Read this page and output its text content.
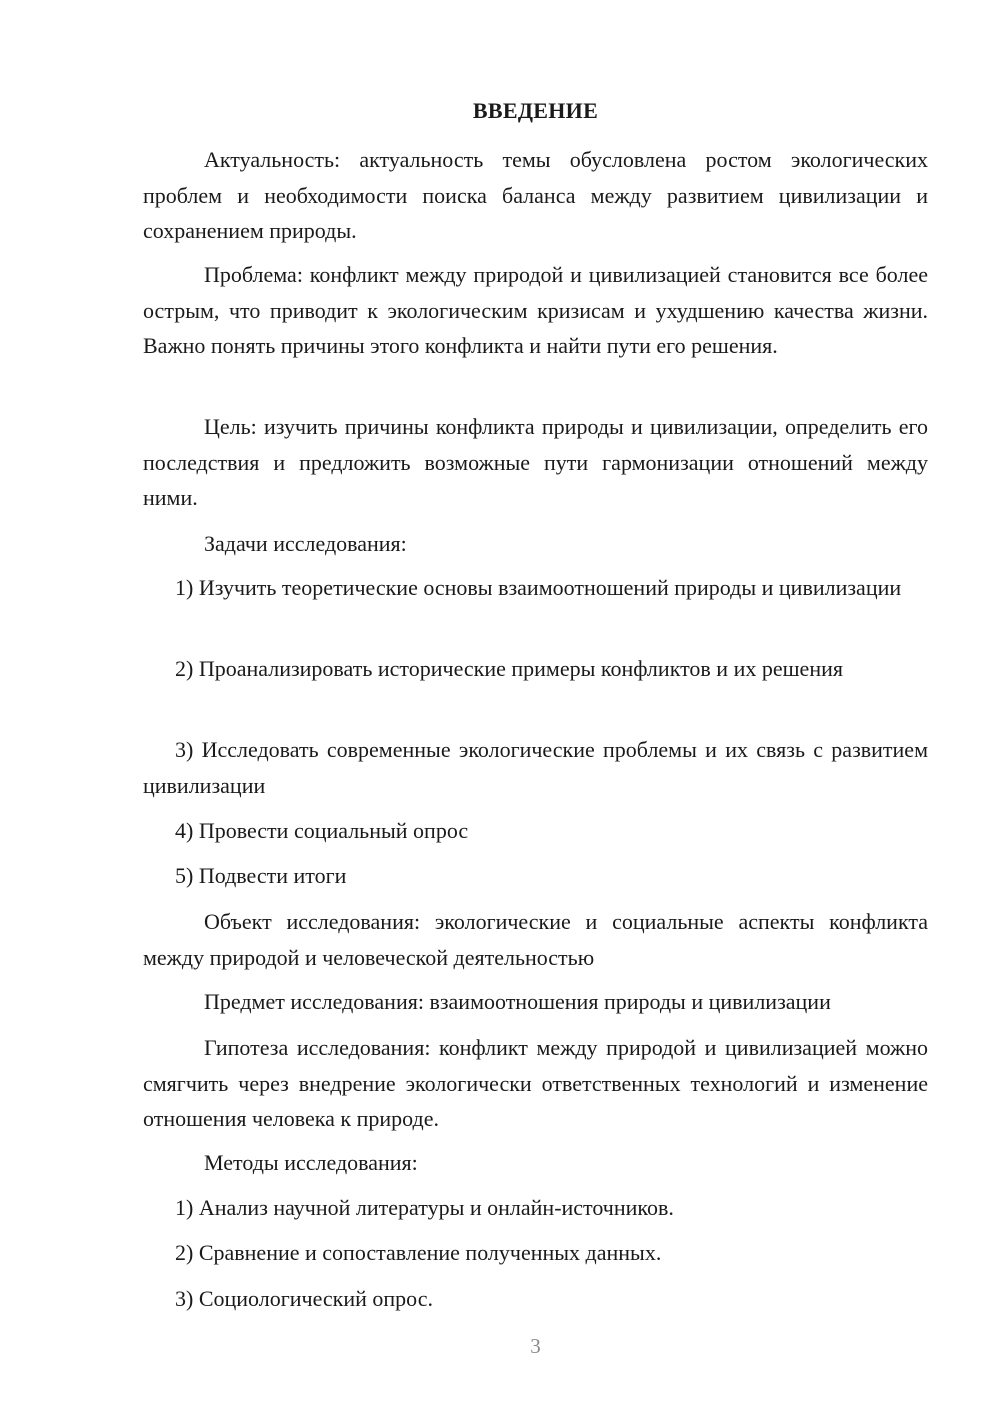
ВВЕДЕНИЕ

Актуальность: актуальность темы обусловлена ростом экологических проблем и необходимости поиска баланса между развитием цивилизации и сохранением природы.

Проблема: конфликт между природой и цивилизацией становится все более острым, что приводит к экологическим кризисам и ухудшению качества жизни. Важно понять причины этого конфликта и найти пути его решения.

Цель: изучить причины конфликта природы и цивилизации, определить его последствия и предложить возможные пути гармонизации отношений между ними.

Задачи исследования:

1) Изучить теоретические основы взаимоотношений природы и цивилизации

2) Проанализировать исторические примеры конфликтов и их решения

3) Исследовать современные экологические проблемы и их связь с развитием цивилизации

4) Провести социальный опрос

5) Подвести итоги

Объект исследования: экологические и социальные аспекты конфликта между природой и человеческой деятельностью

Предмет исследования: взаимоотношения природы и цивилизации

Гипотеза исследования: конфликт между природой и цивилизацией можно смягчить через внедрение экологически ответственных технологий и изменение отношения человека к природе.

Методы исследования:

1) Анализ научной литературы и онлайн-источников.

2) Сравнение и сопоставление полученных данных.

3) Социологический опрос.

3
